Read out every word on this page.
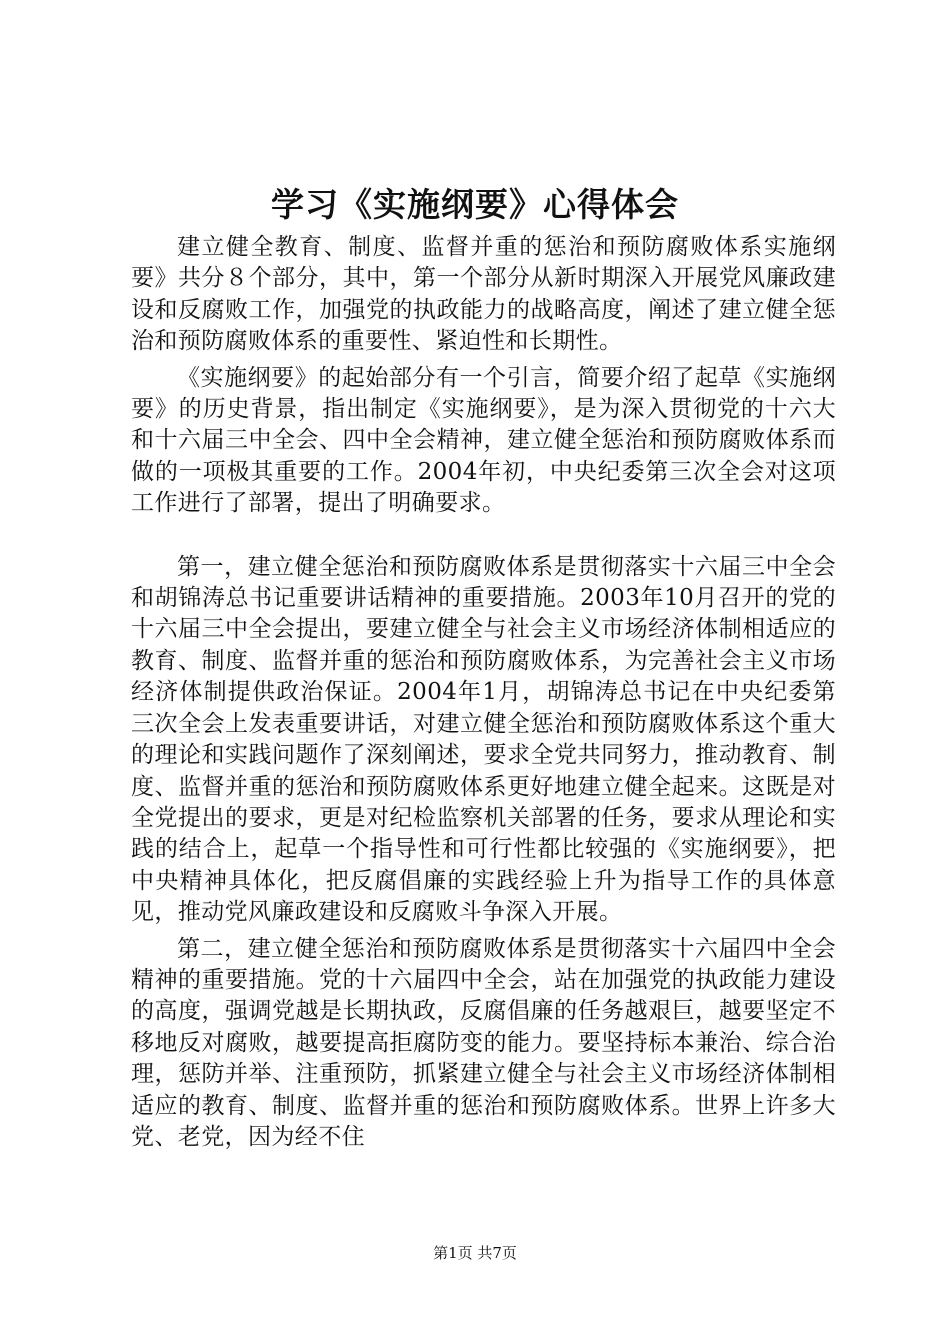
学习《实施纲要》心得体会

建立健全教育、制度、监督并重的惩治和预防腐败体系实施纲要》共分８个部分，其中，第一个部分从新时期深入开展党风廉政建设和反腐败工作，加强党的执政能力的战略高度，阐述了建立健全惩治和预防腐败体系的重要性、紧迫性和长期性。

《实施纲要》的起始部分有一个引言，简要介绍了起草《实施纲要》的历史背景，指出制定《实施纲要》，是为深入贯彻党的十六大和十六届三中全会、四中全会精神，建立健全惩治和预防腐败体系而做的一项极其重要的工作。2004年初，中央纪委第三次全会对这项工作进行了部署，提出了明确要求。

第一，建立健全惩治和预防腐败体系是贯彻落实十六届三中全会和胡锦涛总书记重要讲话精神的重要措施。2003年10月召开的党的十六届三中全会提出，要建立健全与社会主义市场经济体制相适应的教育、制度、监督并重的惩治和预防腐败体系，为完善社会主义市场经济体制提供政治保证。2004年1月，胡锦涛总书记在中央纪委第三次全会上发表重要讲话，对建立健全惩治和预防腐败体系这个重大的理论和实践问题作了深刻阐述，要求全党共同努力，推动教育、制度、监督并重的惩治和预防腐败体系更好地建立健全起来。这既是对全党提出的要求，更是对纪检监察机关部署的任务，要求从理论和实践的结合上，起草一个指导性和可行性都比较强的《实施纲要》，把中央精神具体化，把反腐倡廉的实践经验上升为指导工作的具体意见，推动党风廉政建设和反腐败斗争深入开展。

第二，建立健全惩治和预防腐败体系是贯彻落实十六届四中全会精神的重要措施。党的十六届四中全会，站在加强党的执政能力建设的高度，强调党越是长期执政，反腐倡廉的任务越艰巨，越要坚定不移地反对腐败，越要提高拒腐防变的能力。要坚持标本兼治、综合治理，惩防并举、注重预防，抓紧建立健全与社会主义市场经济体制相适应的教育、制度、监督并重的惩治和预防腐败体系。世界上许多大党、老党，因为经不住

第1页 共7页
